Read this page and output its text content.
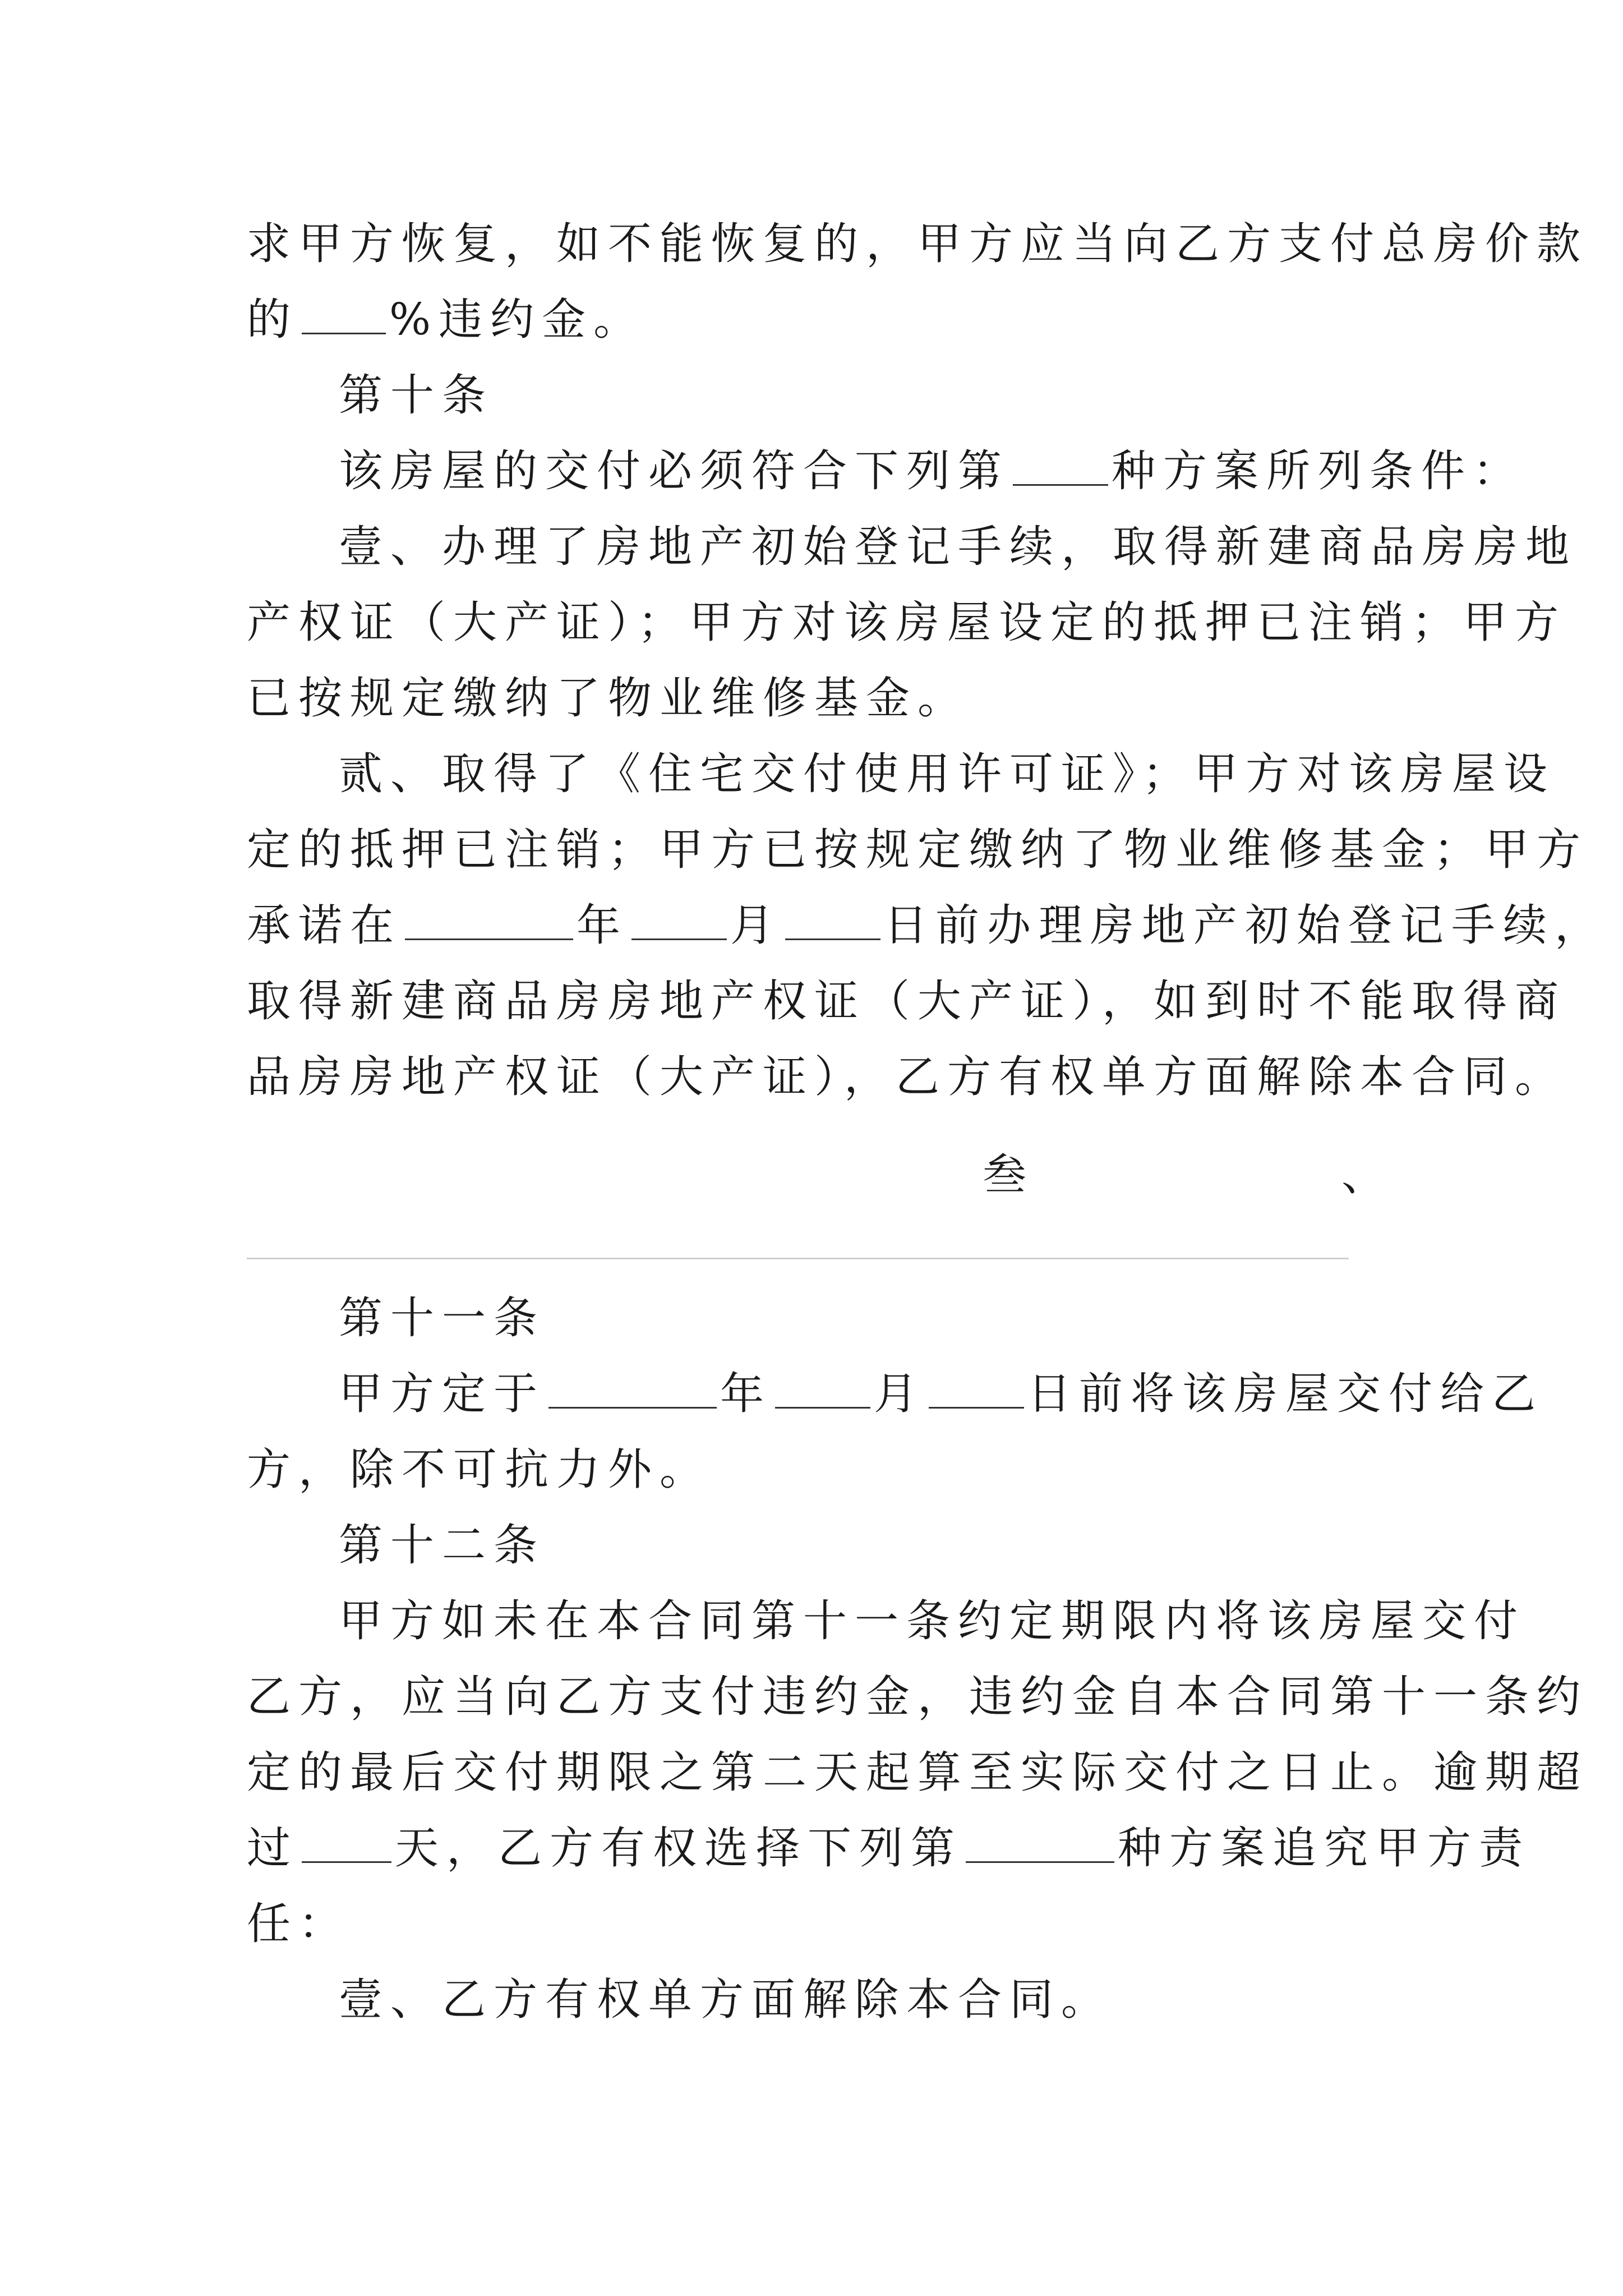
求甲方恢复，如不能恢复的，甲方应当向乙方支付总房价款
的 %违约金。
第十条
该房屋的交付必须符合下列第 种方案所列条件：
壹、办理了房地产初始登记手续，取得新建商品房房地
产权证（大产证）；甲方对该房屋设定的抵押已注销；甲方
已按规定缴纳了物业维修基金。
贰、取得了《住宅交付使用许可证》；甲方对该房屋设
定的抵押已注销；甲方已按规定缴纳了物业维修基金；甲方
承诺在	年 月 日前办理房地产初始登记手续，
取得新建商品房房地产权证（大产证），如到时不能取得商
品房房地产权证（大产证），乙方有权单方面解除本合同。
叁	、
第十一条
甲方定于	年 月 日前将该房屋交付给乙
方，除不可抗力外。
第十二条
甲方如未在本合同第十一条约定期限内将该房屋交付
乙方，应当向乙方支付违约金，违约金自本合同第十一条约
定的最后交付期限之第二天起算至实际交付之日止。逾期超
过 天，乙方有权选择下列第	种方案追究甲方责
任：
壹、乙方有权单方面解除本合同。
